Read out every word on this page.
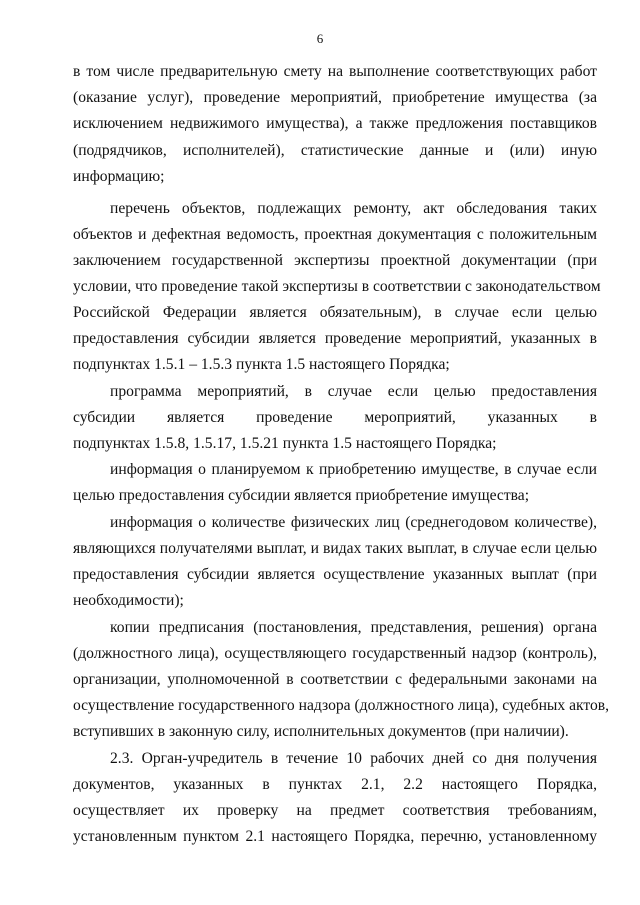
6
в том числе предварительную смету на выполнение соответствующих работ
(оказание услуг), проведение мероприятий, приобретение имущества (за
исключением недвижимого имущества), а также предложения поставщиков
(подрядчиков, исполнителей), статистические данные и (или) иную
информацию;
перечень объектов, подлежащих ремонту, акт обследования таких
объектов и дефектная ведомость, проектная документация с положительным
заключением государственной экспертизы проектной документации (при
условии, что проведение такой экспертизы в соответствии с законодательством
Российской Федерации является обязательным), в случае если целью
предоставления субсидии является проведение мероприятий, указанных в
подпунктах 1.5.1 – 1.5.3 пункта 1.5 настоящего Порядка;
программа мероприятий, в случае если целью предоставления
субсидии является проведение мероприятий, указанных в
подпунктах 1.5.8, 1.5.17, 1.5.21 пункта 1.5 настоящего Порядка;
информация о планируемом к приобретению имуществе, в случае если
целью предоставления субсидии является приобретение имущества;
информация о количестве физических лиц (среднегодовом количестве),
являющихся получателями выплат, и видах таких выплат, в случае если целью
предоставления субсидии является осуществление указанных выплат (при
необходимости);
копии предписания (постановления, представления, решения) органа
(должностного лица), осуществляющего государственный надзор (контроль),
организации, уполномоченной в соответствии с федеральными законами на
осуществление государственного надзора (должностного лица), судебных актов,
вступивших в законную силу, исполнительных документов (при наличии).
2.3. Орган-учредитель в течение 10 рабочих дней со дня получения
документов, указанных в пунктах 2.1, 2.2 настоящего Порядка,
осуществляет их проверку на предмет соответствия требованиям,
установленным пунктом 2.1 настоящего Порядка, перечню, установленному
